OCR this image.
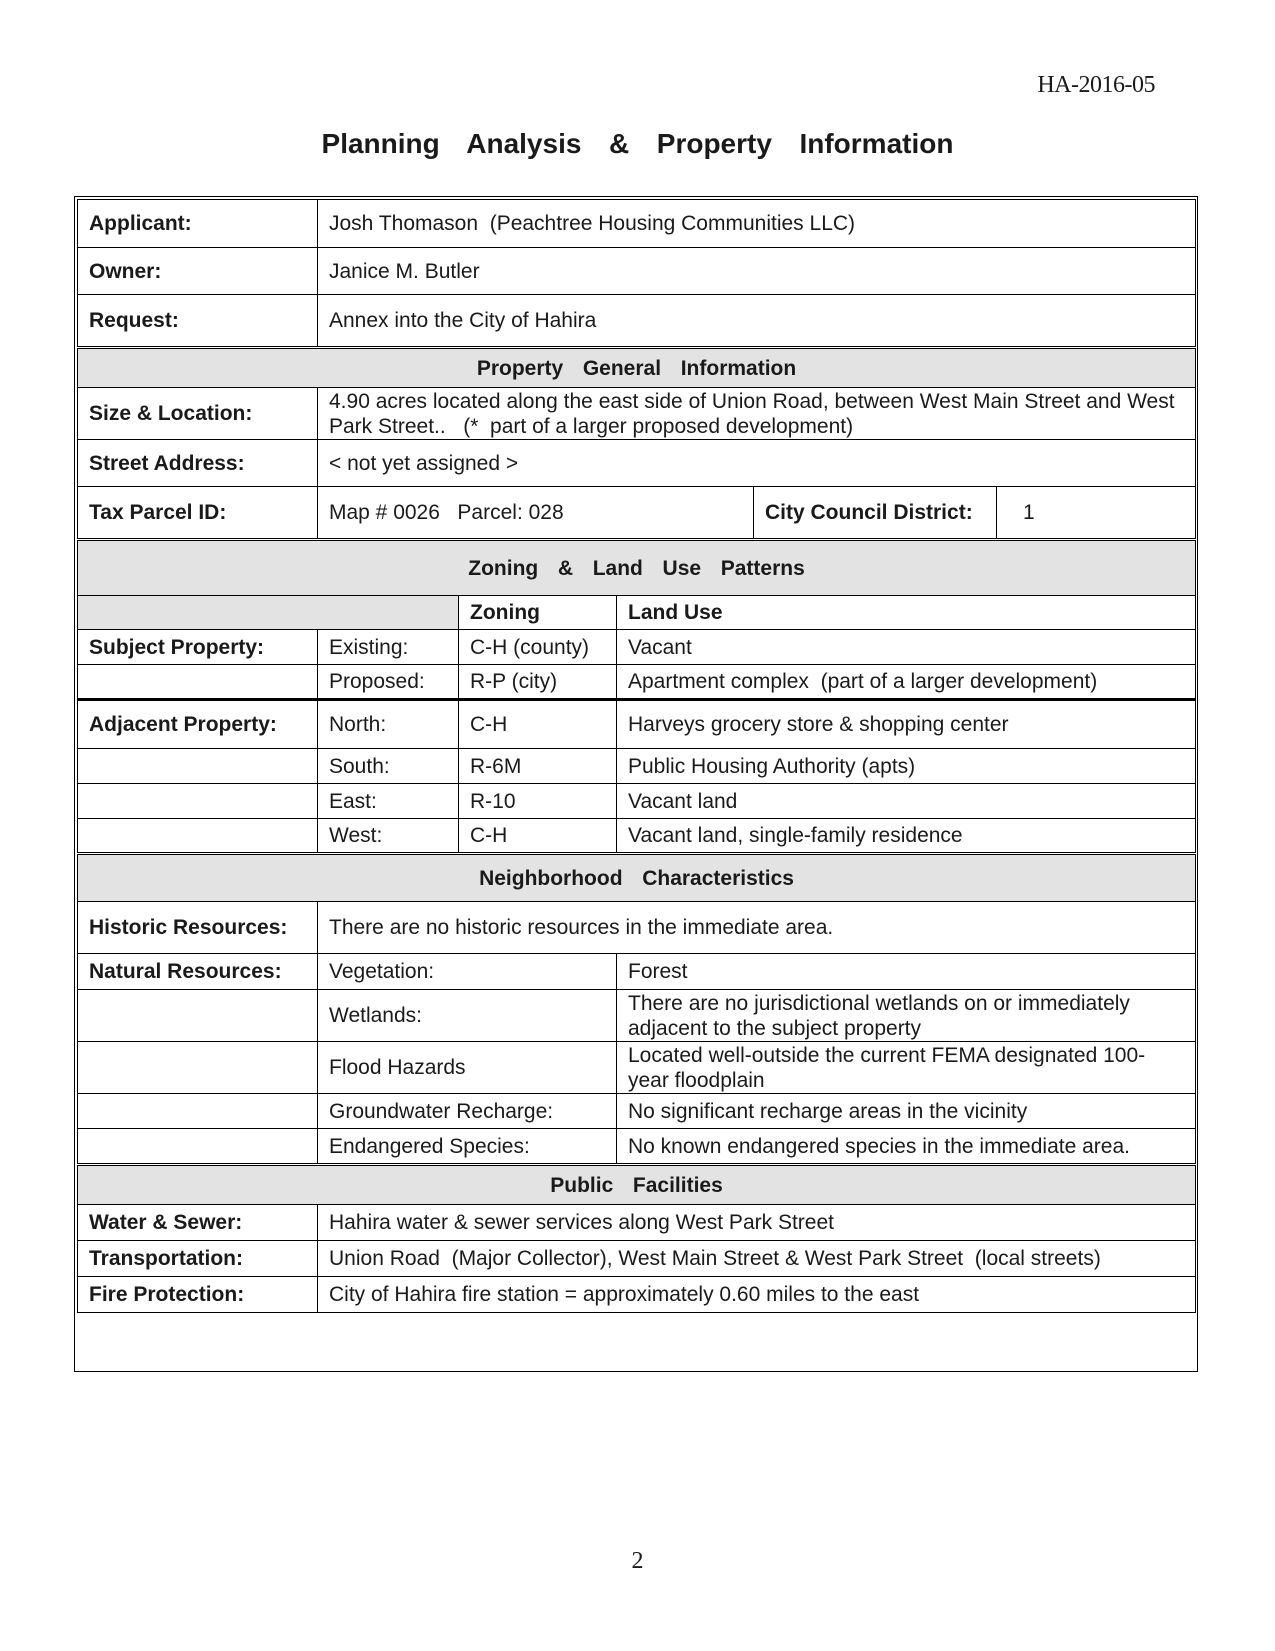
HA-2016-05
Planning  Analysis  &  Property  Information
Applicant:	Josh Thomason  (Peachtree Housing Communities LLC)				
Owner:	Janice M. Butler				
Request:	Annex into the City of Hahira				
Property  General  Information					
Size & Location:	4.90 acres located along the east side of Union Road, between West Main Street and West Park Street..   (*  part of a larger proposed development)				
Street Address:	< not yet assigned >				
Tax Parcel ID:	Map # 0026   Parcel: 028			City Council District:	1
Zoning  &  Land  Use  Patterns					
		Zoning	Land Use		
Subject Property:	Existing:	C-H (county)	Vacant		
	Proposed:	R-P (city)	Apartment complex  (part of a larger development)		
Adjacent Property:	North:	C-H	Harveys grocery store & shopping center		
	South:	R-6M	Public Housing Authority (apts)		
	East:	R-10	Vacant land		
	West:	C-H	Vacant land, single-family residence		
Neighborhood  Characteristics					
Historic Resources:	There are no historic resources in the immediate area.				
Natural Resources:	Vegetation:		Forest		
	Wetlands:		There are no jurisdictional wetlands on or immediately adjacent to the subject property		
	Flood Hazards		Located well-outside the current FEMA designated 100-year floodplain		
	Groundwater Recharge:		No significant recharge areas in the vicinity		
	Endangered Species:		No known endangered species in the immediate area.		
Public  Facilities					
Water & Sewer:	Hahira water & sewer services along West Park Street				
Transportation:	Union Road  (Major Collector), West Main Street & West Park Street  (local streets)				
Fire Protection:	City of Hahira fire station = approximately 0.60 miles to the east				
2
